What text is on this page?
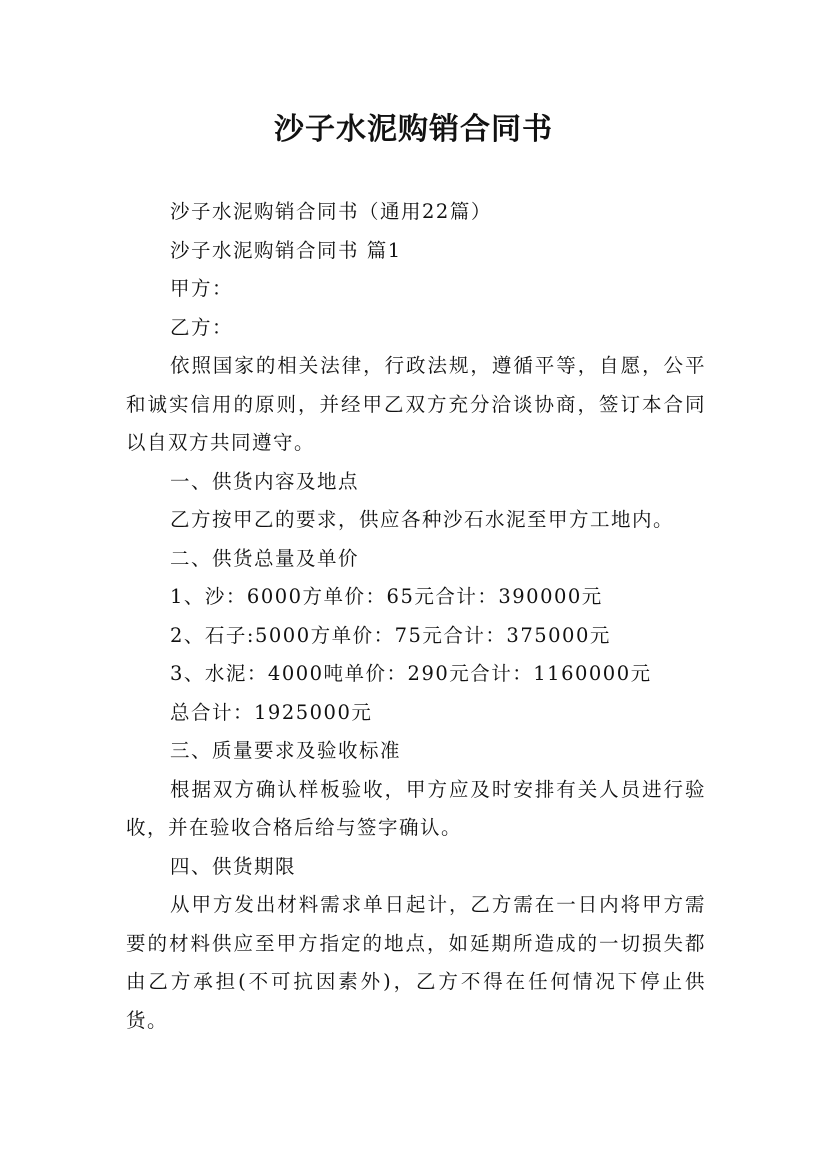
沙子水泥购销合同书

沙子水泥购销合同书（通用22篇）

沙子水泥购销合同书 篇1

甲方：

乙方：

依照国家的相关法律，行政法规，遵循平等，自愿，公平和诚实信用的原则，并经甲乙双方充分洽谈协商，签订本合同以自双方共同遵守。

一、供货内容及地点

乙方按甲乙的要求，供应各种沙石水泥至甲方工地内。

二、供货总量及单价

1、沙：6000方单价：65元合计：390000元

2、石子:5000方单价：75元合计：375000元

3、水泥：4000吨单价：290元合计：1160000元

总合计：1925000元

三、质量要求及验收标准

根据双方确认样板验收，甲方应及时安排有关人员进行验收，并在验收合格后给与签字确认。

四、供货期限

从甲方发出材料需求单日起计，乙方需在一日内将甲方需要的材料供应至甲方指定的地点，如延期所造成的一切损失都由乙方承担(不可抗因素外)，乙方不得在任何情况下停止供货。
